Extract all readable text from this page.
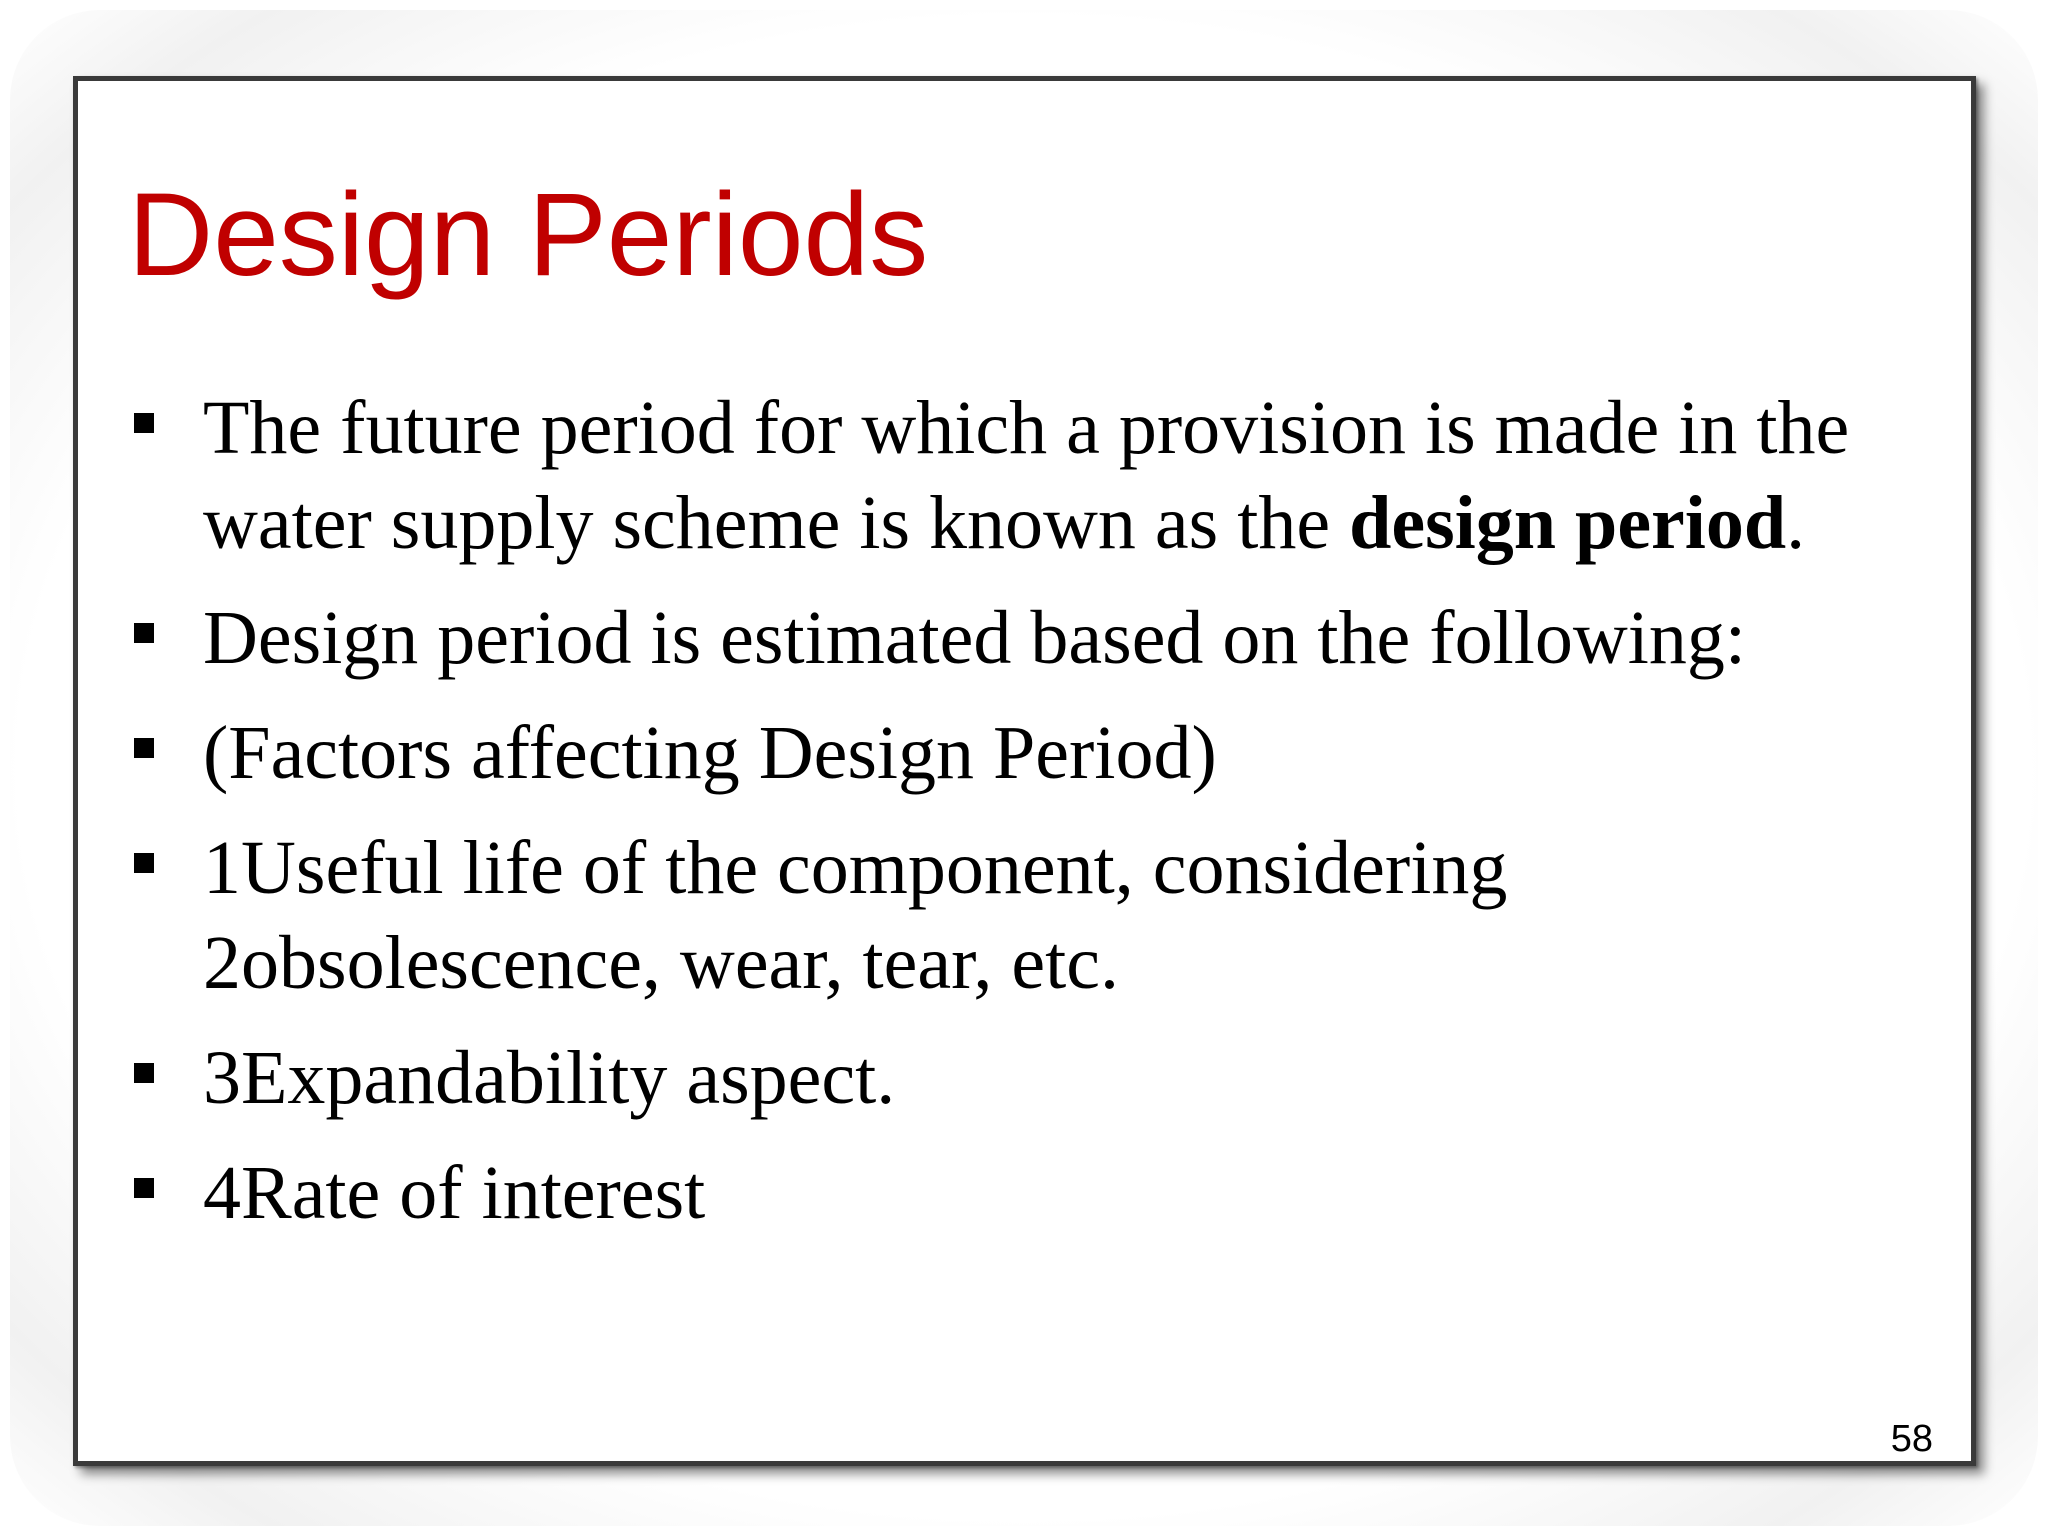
Design Periods
The future period for which a provision is made in the water supply scheme is known as the design period.
Design period is estimated based on the following:
(Factors affecting Design Period)
1Useful life of the component, considering 2obsolescence, wear, tear, etc.
3Expandability aspect.
4Rate of interest
58
